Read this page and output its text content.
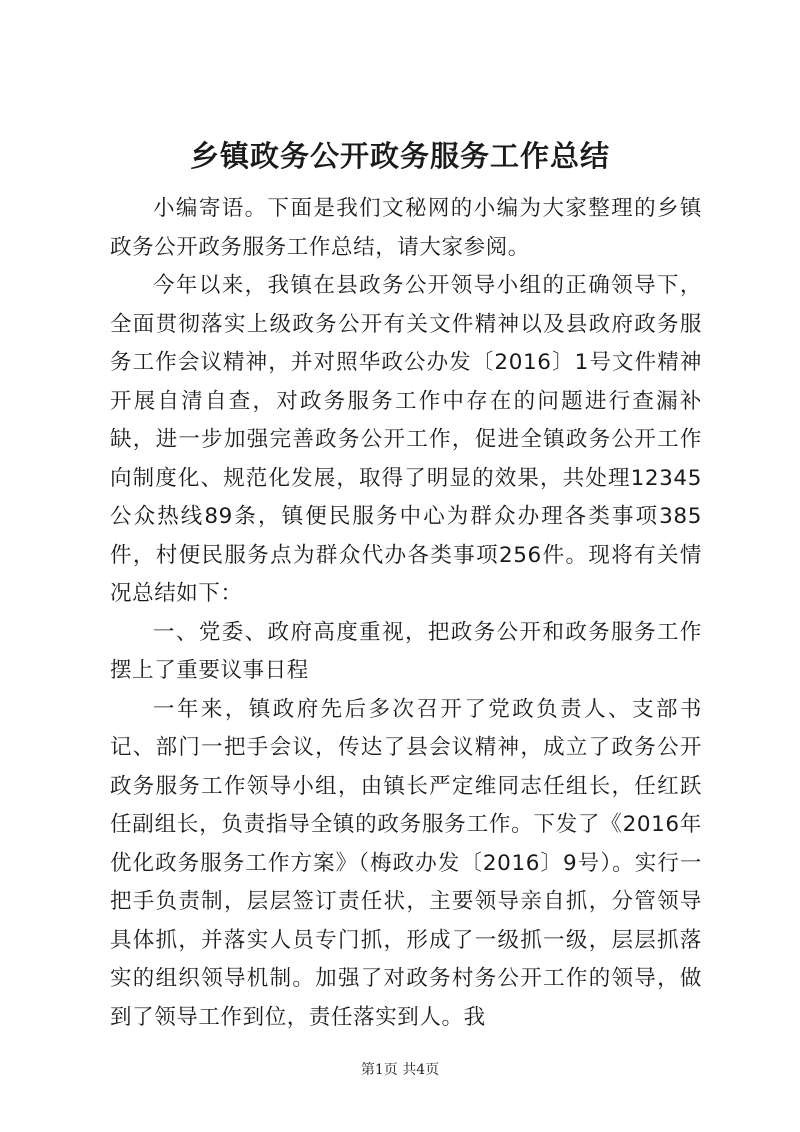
乡镇政务公开政务服务工作总结

小编寄语。下面是我们文秘网的小编为大家整理的乡镇政务公开政务服务工作总结，请大家参阅。

今年以来，我镇在县政务公开领导小组的正确领导下，全面贯彻落实上级政务公开有关文件精神以及县政府政务服务工作会议精神，并对照华政公办发〔2016〕1号文件精神开展自清自查，对政务服务工作中存在的问题进行查漏补缺，进一步加强完善政务公开工作，促进全镇政务公开工作向制度化、规范化发展，取得了明显的效果，共处理12345公众热线89条，镇便民服务中心为群众办理各类事项385件，村便民服务点为群众代办各类事项256件。现将有关情况总结如下：

一、党委、政府高度重视，把政务公开和政务服务工作摆上了重要议事日程

一年来，镇政府先后多次召开了党政负责人、支部书记、部门一把手会议，传达了县会议精神，成立了政务公开政务服务工作领导小组，由镇长严定维同志任组长，任红跃任副组长，负责指导全镇的政务服务工作。下发了《2016年优化政务服务工作方案》（梅政办发〔2016〕9号）。实行一把手负责制，层层签订责任状，主要领导亲自抓，分管领导具体抓，并落实人员专门抓，形成了一级抓一级，层层抓落实的组织领导机制。加强了对政务村务公开工作的领导，做到了领导工作到位，责任落实到人。我

第1页 共4页
